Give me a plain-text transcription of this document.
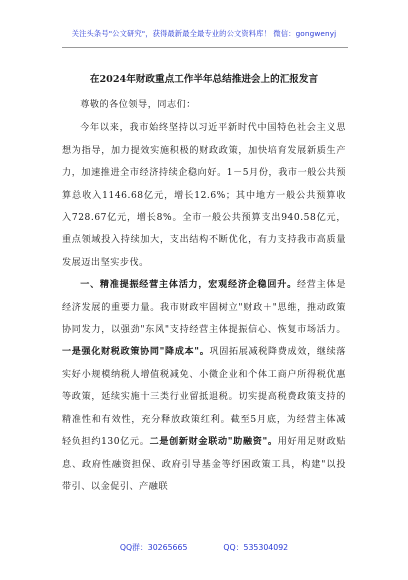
关注头条号"公文研究"，获得最新最全最专业的公文资料库！ 微信：gongwenyj
在2024年财政重点工作半年总结推进会上的汇报发言

尊敬的各位领导，同志们：

今年以来，我市始终坚持以习近平新时代中国特色社会主义思想为指导，加力提效实施积极的财政政策，加快培育发展新质生产力，加速推进全市经济持续企稳向好。1－5月份，我市一般公共预算总收入1146.68亿元，增长12.6%；其中地方一般公共预算收入728.67亿元，增长8%。全市一般公共预算支出940.58亿元，重点领域投入持续加大，支出结构不断优化，有力支持我市高质量发展迈出坚实步伐。

一、精准提振经营主体活力，宏观经济企稳回升。经营主体是经济发展的重要力量。我市财政牢固树立"财政＋"思维，推动政策协同发力，以强劲"东风"支持经营主体提振信心、恢复市场活力。一是强化财税政策协同"降成本"。巩固拓展减税降费成效，继续落实好小规模纳税人增值税减免、小微企业和个体工商户所得税优惠等政策，延续实施十三类行业留抵退税。切实提高税费政策支持的精准性和有效性，充分释放政策红利。截至5月底，为经营主体减轻负担约130亿元。二是创新财金联动"助融资"。用好用足财政贴息、政府性融资担保、政府引导基金等纾困政策工具，构建"以投带引、以金促引、产融联

QQ群：30265665	QQ：535304092
